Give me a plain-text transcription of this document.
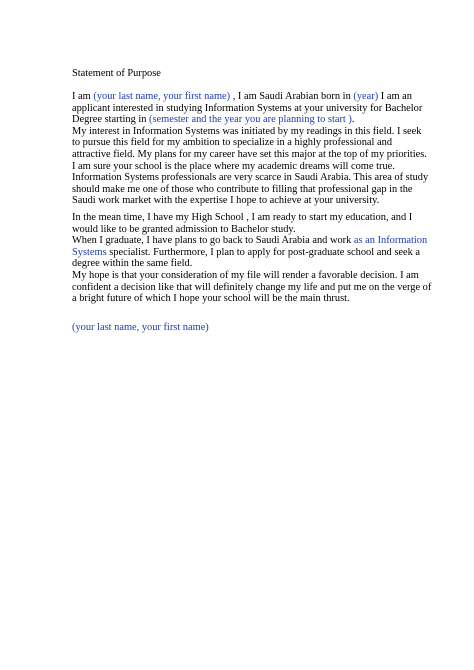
Statement of Purpose
I am (your last name, your first name) , I am Saudi Arabian born in (year) I am an
applicant interested in studying Information Systems at your university for Bachelor
Degree starting in (semester and the year you are planning to start ).
My interest in Information Systems was initiated by my readings in this field. I seek
to pursue this field for my ambition to specialize in a highly professional and
attractive field. My plans for my career have set this major at the top of my priorities.
I am sure your school is the place where my academic dreams will come true.
Information Systems professionals are very scarce in Saudi Arabia. This area of study
should make me one of those who contribute to filling that professional gap in the
Saudi work market with the expertise I hope to achieve at your university.
In the mean time, I have my High School , I am ready to start my education, and I
would like to be granted admission to Bachelor study.
When I graduate, I have plans to go back to Saudi Arabia and work as an Information
Systems specialist. Furthermore, I plan to apply for post-graduate school and seek a
degree within the same field.
My hope is that your consideration of my file will render a favorable decision. I am
confident a decision like that will definitely change my life and put me on the verge of
a bright future of which I hope your school will be the main thrust.
(your last name, your first name)
